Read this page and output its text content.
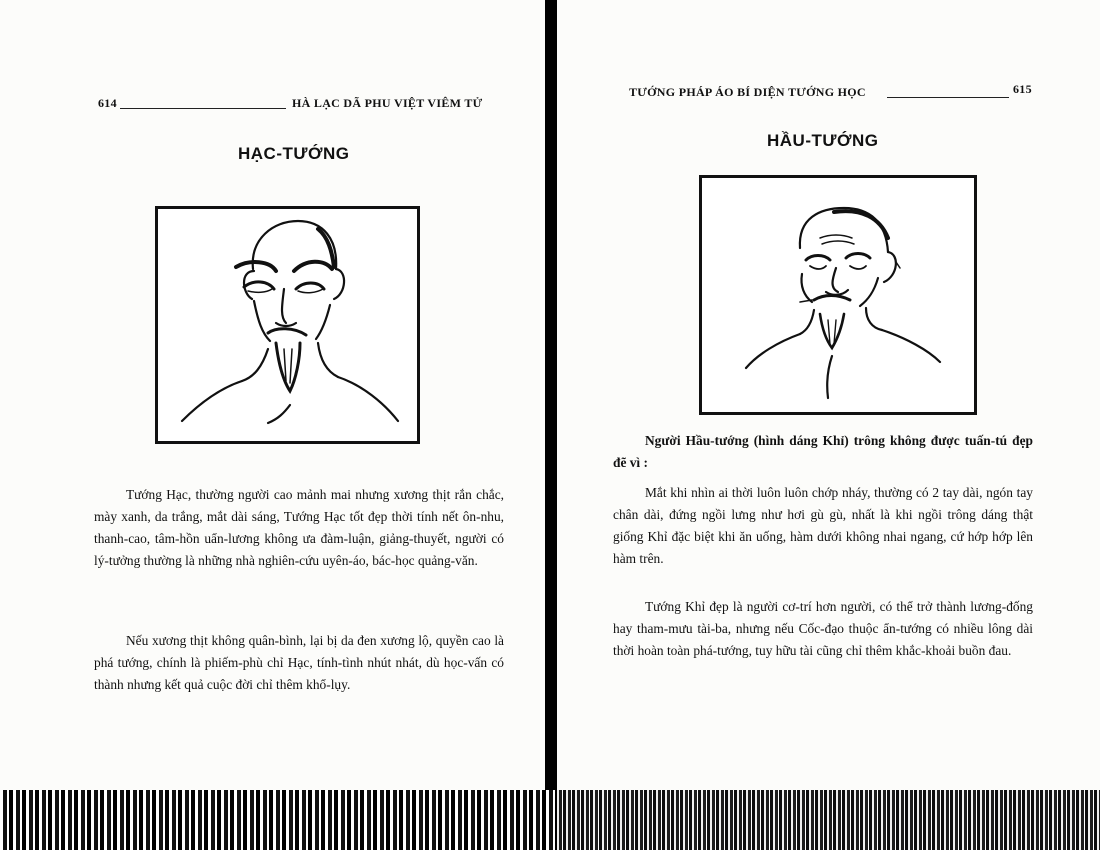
614	HÀ LẠC DÃ PHU VIỆT VIÊM TỬ
HẠC-TƯỚNG

Tướng Hạc, thường người cao mảnh mai nhưng xương thịt rắn chắc, mày xanh, da trắng, mắt dài sáng, Tướng Hạc tốt đẹp thời tính nết ôn-nhu, thanh-cao, tâm-hồn uẩn-lương không ưa đàm-luận, giảng-thuyết, người có lý-tưởng thường là những nhà nghiên-cứu uyên-áo, bác-học quảng-văn.

Nếu xương thịt không quân-bình, lại bị da đen xương lộ, quyền cao là phá tướng, chính là phiếm-phù chỉ Hạc, tính-tình nhút nhát, dù học-vấn có thành nhưng kết quả cuộc đời chỉ thêm khổ-lụy.

TƯỚNG PHÁP ÁO BÍ DIỆN TƯỚNG HỌC	615
HẦU-TƯỚNG

Người Hầu-tướng (hình dáng Khỉ) trông không được tuấn-tú đẹp đẽ vì :

Mắt khi nhìn ai thời luôn luôn chớp nháy, thường có 2 tay dài, ngón tay chân dài, đứng ngồi lưng như hơi gù gù, nhất là khi ngồi trông dáng thật giống Khỉ đặc biệt khi ăn uống, hàm dưới không nhai ngang, cứ hớp hớp lên hàm trên.

Tướng Khỉ đẹp là người cơ-trí hơn người, có thể trở thành lương-đống hay tham-mưu tài-ba, nhưng nếu Cốc-đạo thuộc ẩn-tướng có nhiều lông dài thời hoàn toàn phá-tướng, tuy hữu tài cũng chỉ thêm khắc-khoải buồn đau.
